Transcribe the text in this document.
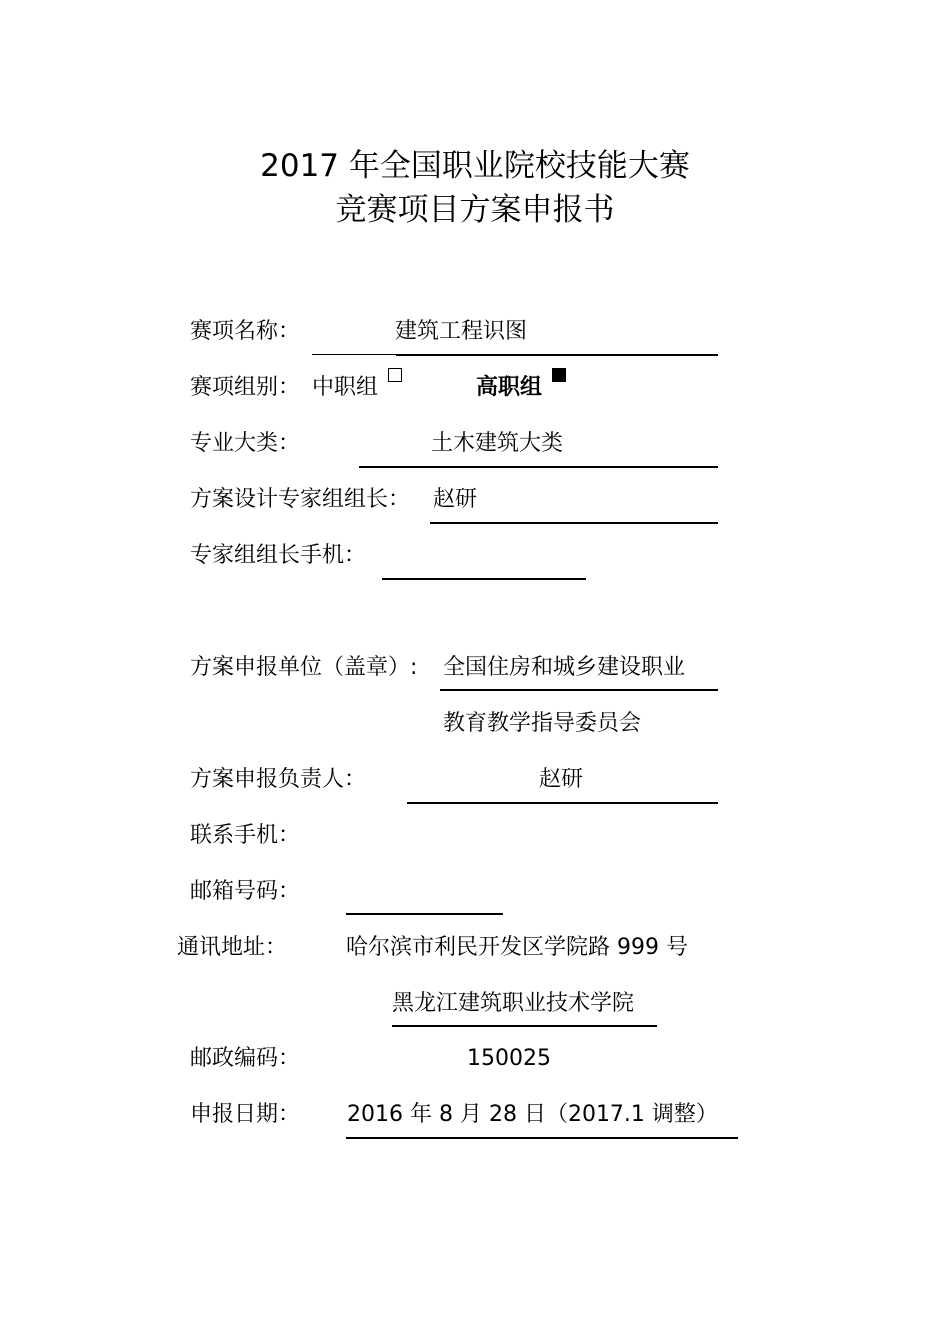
2017 年全国职业院校技能大赛
竞赛项目方案申报书
赛项名称：	建筑工程识图
赛项组别： 中职组	高职组
专业大类：	土木建筑大类
方案设计专家组组长： 赵研
专家组组长手机：
方案申报单位（盖章）: 全国住房和城乡建设职业
教育教学指导委员会
方案申报负责人：	赵研
联系手机：
邮箱号码：
通讯地址：	哈尔滨市利民开发区学院路 999 号
黑龙江建筑职业技术学院
邮政编码：	150025
申报日期： 2016 年 8 月 28 日（2017.1 调整）
